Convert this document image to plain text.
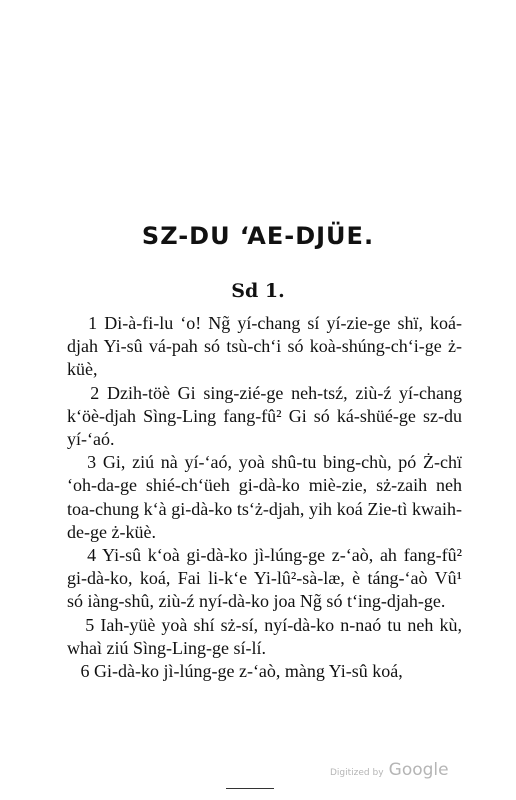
SZ-DU ‘AE-DJÜE.
Sd 1.

1 Di-à-fi-lu ‘o! Ng̃ yí-chang sí yí-zie-ge shï, koá-djah Yi-sû vá-pah só tsù-ch‘i só koà-shúng-ch‘i-ge ż-küè,

2 Dzih-töè Gi sing-zié-ge neh-tsź, ziù-ź yí-chang k‘öè-djah Sìng-Ling fang-fû² Gi só ká-shüé-ge sz-du yí-‘aó.

3 Gi, ziú nà yí-‘aó, yoà shû-tu bing-chù, pó Ż-chï ‘oh-da-ge shié-ch‘üeh gi-dà-ko miè-zie, sż-zaih neh toa-chung k‘à gi-dà-ko ts‘ż-djah, yih koá Zie-tì kwaih-de-ge ż-küè.

4 Yi-sû k‘oà gi-dà-ko jì-lúng-ge z-‘aò, ah fang-fû² gi-dà-ko, koá, Fai li-k‘e Yi-lû²-sà-læ, è táng-‘aò Vû¹ só iàng-shû, ziù-ź nyí-dà-ko joa Ng̃ só t‘ing-djah-ge.

5 Iah-yüè yoà shí sż-sí, nyí-dà-ko n-naó tu neh kù, whaì ziú Sìng-Ling-ge sí-lí.

6 Gi-dà-ko jì-lúng-ge z-‘aò, màng Yi-sû koá,

Digitized by Google
